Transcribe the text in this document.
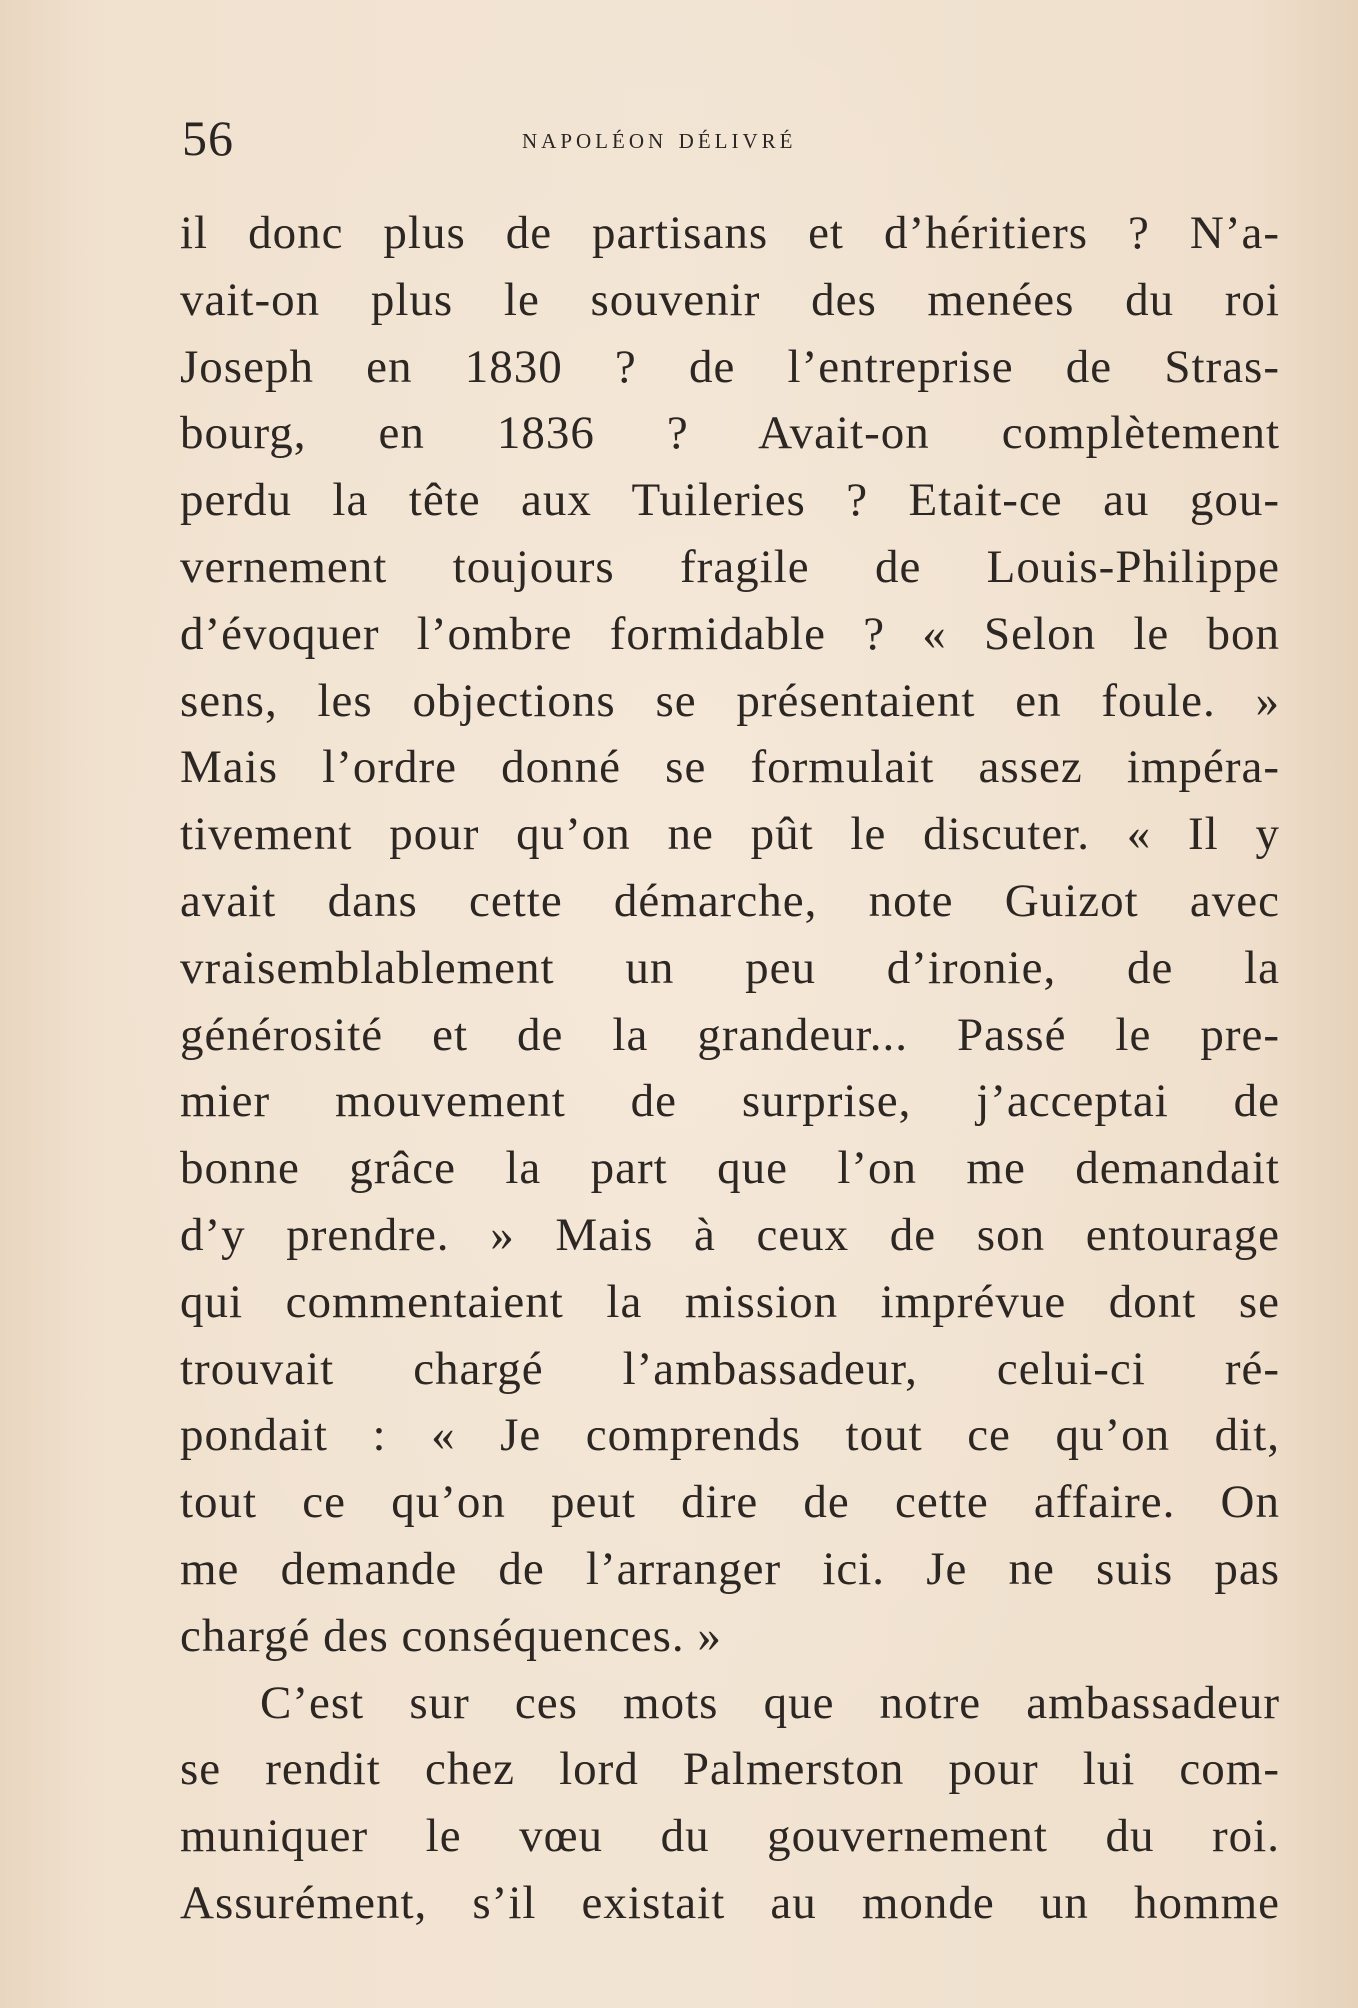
56	napoléon délivré
il donc plus de partisans et d’héritiers ? N’a-
vait-on plus le souvenir des menées du roi
Joseph en 1830 ? de l’entreprise de Stras-
bourg, en 1836 ? Avait-on complètement
perdu la tête aux Tuileries ? Etait-ce au gou-
vernement toujours fragile de Louis-Philippe
d’évoquer l’ombre formidable ? « Selon le bon
sens, les objections se présentaient en foule. »
Mais l’ordre donné se formulait assez impéra-
tivement pour qu’on ne pût le discuter. « Il y
avait dans cette démarche, note Guizot avec
vraisemblablement un peu d’ironie, de la
générosité et de la grandeur... Passé le pre-
mier mouvement de surprise, j’acceptai de
bonne grâce la part que l’on me demandait
d’y prendre. » Mais à ceux de son entourage
qui commentaient la mission imprévue dont se
trouvait chargé l’ambassadeur, celui-ci ré-
pondait : « Je comprends tout ce qu’on dit,
tout ce qu’on peut dire de cette affaire. On
me demande de l’arranger ici. Je ne suis pas
chargé des conséquences. »
C’est sur ces mots que notre ambassadeur
se rendit chez lord Palmerston pour lui com-
muniquer le vœu du gouvernement du roi.
Assurément, s’il existait au monde un homme
